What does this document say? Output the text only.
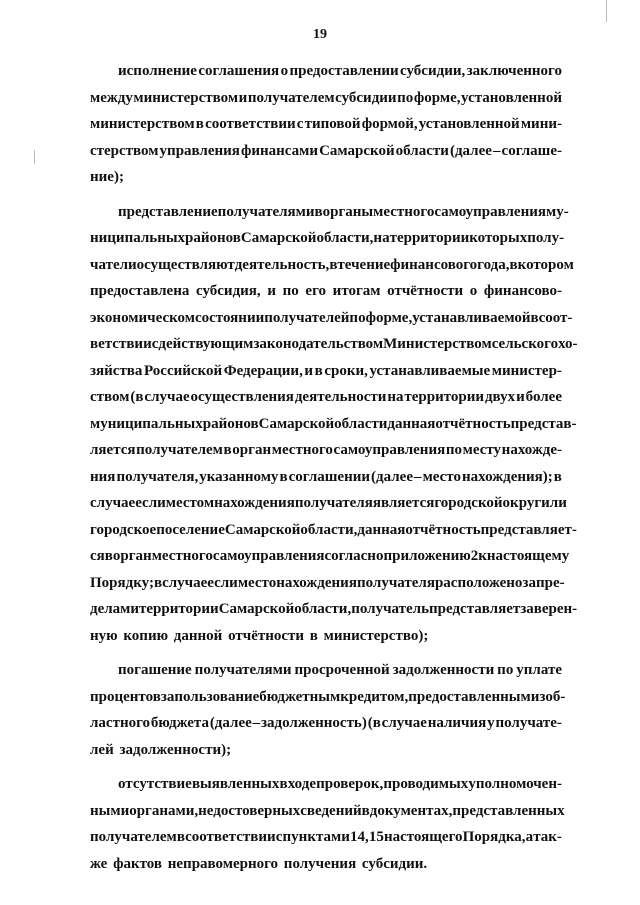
19
исполнение соглашения о предоставлении субсидии, заключенного
между министерством и получателем субсидии по форме, установленной
министерством в соответствии с типовой формой, установленной мини-
стерством управления финансами Самарской области (далее – соглаше-
ние);
представление получателями в органы местного самоуправления му-
ниципальных районов Самарской области, на территории которых полу-
чатели осуществляют деятельность, в течение финансового года, в котором
предоставлена субсидия, и по его итогам отчётности о финансово-
экономическом состоянии получателей по форме, устанавливаемой в соот-
ветствии с действующим законодательством Министерством сельского хо-
зяйства Российской Федерации, и в сроки, устанавливаемые министер-
ством (в случае осуществления деятельности на территории двух и более
муниципальных районов Самарской области данная отчётность представ-
ляется получателем в орган местного самоуправления по месту нахожде-
ния получателя, указанному в соглашении (далее – место нахождения); в
случае если местом нахождения получателя является городской округ или
городское поселение Самарской области, данная отчётность представляет-
ся в орган местного самоуправления согласно приложению 2 к настоящему
Порядку; в случае если место нахождения получателя расположено за пре-
делами территории Самарской области, получатель представляет заверен-
ную копию данной отчётности в министерство);
погашение получателями просроченной задолженности по уплате
процентов за пользование бюджетным кредитом, предоставленным из об-
ластного бюджета (далее – задолженность) (в случае наличия у получате-
лей задолженности);
отсутствие выявленных в ходе проверок, проводимых уполномочен-
ными органами, недостоверных сведений в документах, представленных
получателем в соответствии с пунктами 14, 15 настоящего Порядка, а так-
же фактов неправомерного получения субсидии.
